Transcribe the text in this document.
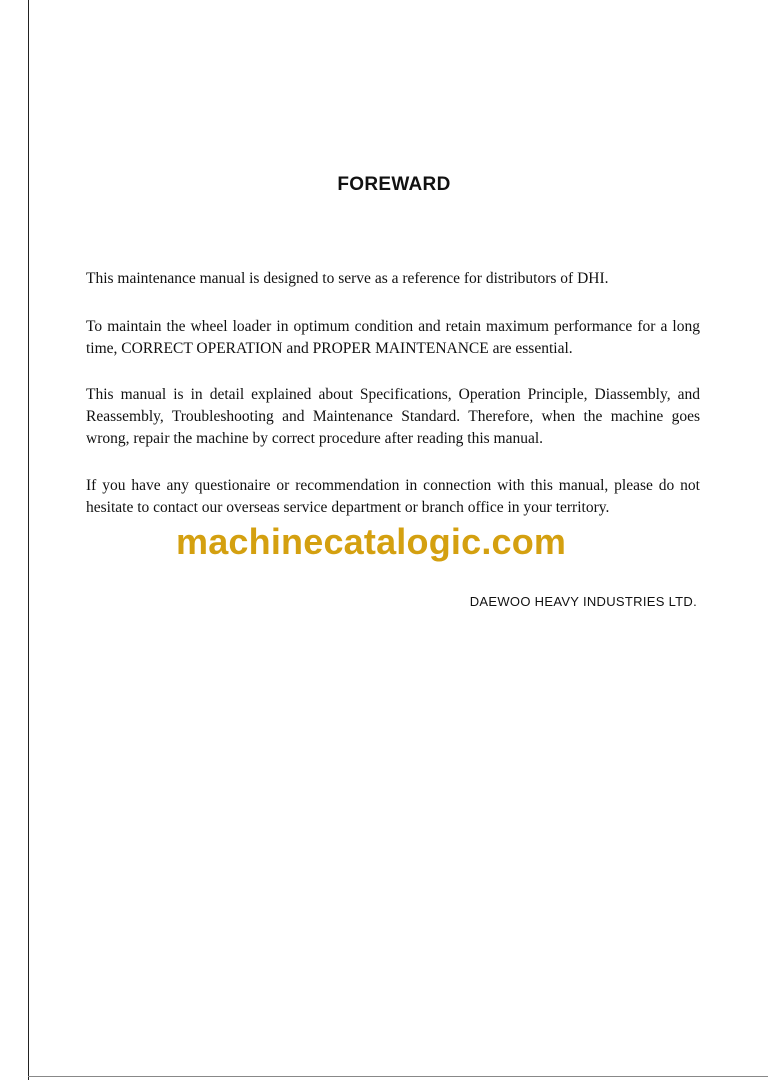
FOREWARD
This maintenance manual is designed to serve as a reference for distributors of DHI.
To maintain the wheel loader in optimum condition and retain maximum performance for a long time, CORRECT OPERATION and PROPER MAINTENANCE are essential.
This manual is in detail explained about Specifications, Operation Principle, Diassembly, and Reassembly, Troubleshooting and Maintenance Standard. Therefore, when the machine goes wrong, repair the machine by correct procedure after reading this manual.
If you have any questionaire or recommendation in connection with this manual, please do not hesitate to contact our overseas service department or branch office in your territory.
machinecatalogic.com
DAEWOO HEAVY INDUSTRIES LTD.
